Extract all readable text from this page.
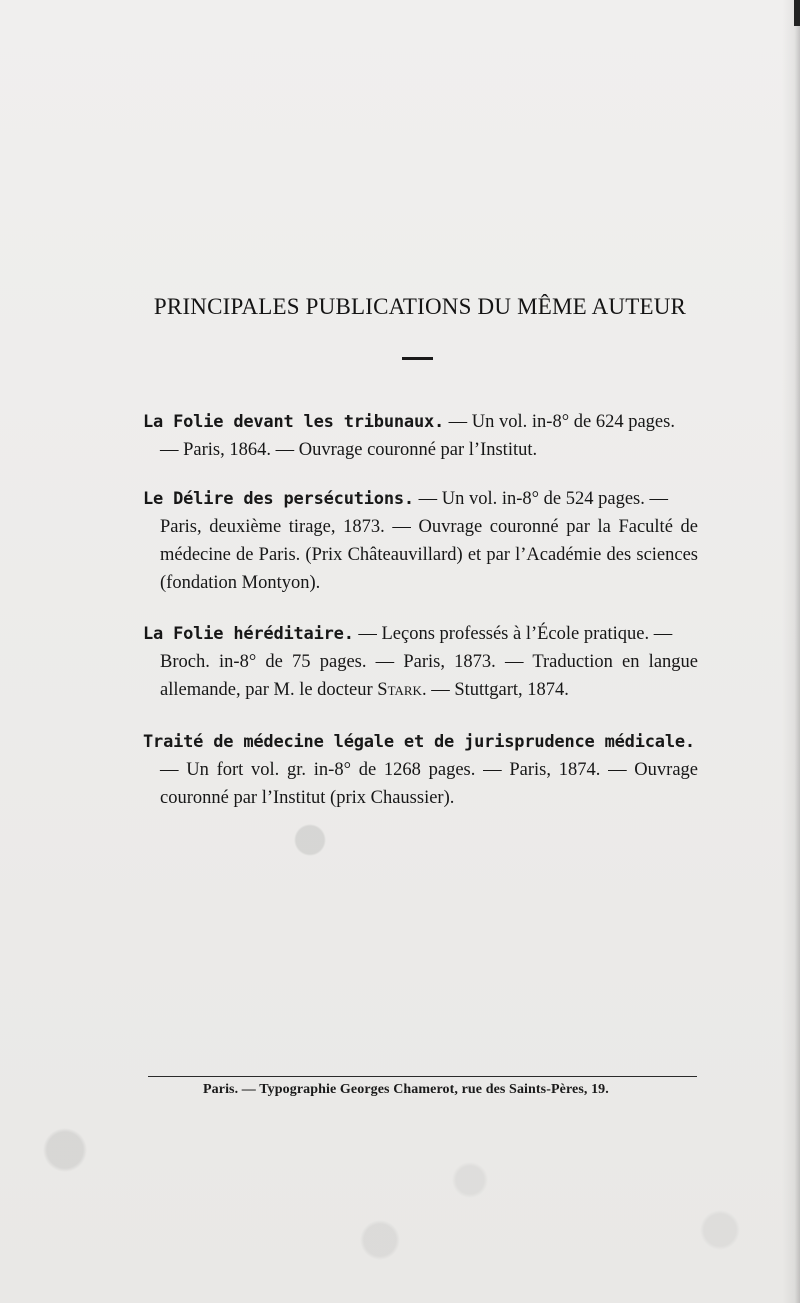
PRINCIPALES PUBLICATIONS DU MÊME AUTEUR
La Folie devant les tribunaux. — Un vol. in-8° de 624 pages.
— Paris, 1864. — Ouvrage couronné par l’Institut.
Le Délire des persécutions. — Un vol. in-8° de 524 pages. —
Paris, deuxième tirage, 1873. — Ouvrage couronné par la Faculté de médecine de Paris. (Prix Châteauvillard) et par l’Académie des sciences (fondation Montyon).
La Folie héréditaire. — Leçons professés à l’École pratique. —
Broch. in-8° de 75 pages. — Paris, 1873. — Traduction en langue allemande, par M. le docteur Stark. — Stuttgart, 1874.
Traité de médecine légale et de jurisprudence médicale.
— Un fort vol. gr. in-8° de 1268 pages. — Paris, 1874. — Ouvrage couronné par l’Institut (prix Chaussier).
Paris. — Typographie Georges Chamerot, rue des Saints-Pères, 19.
